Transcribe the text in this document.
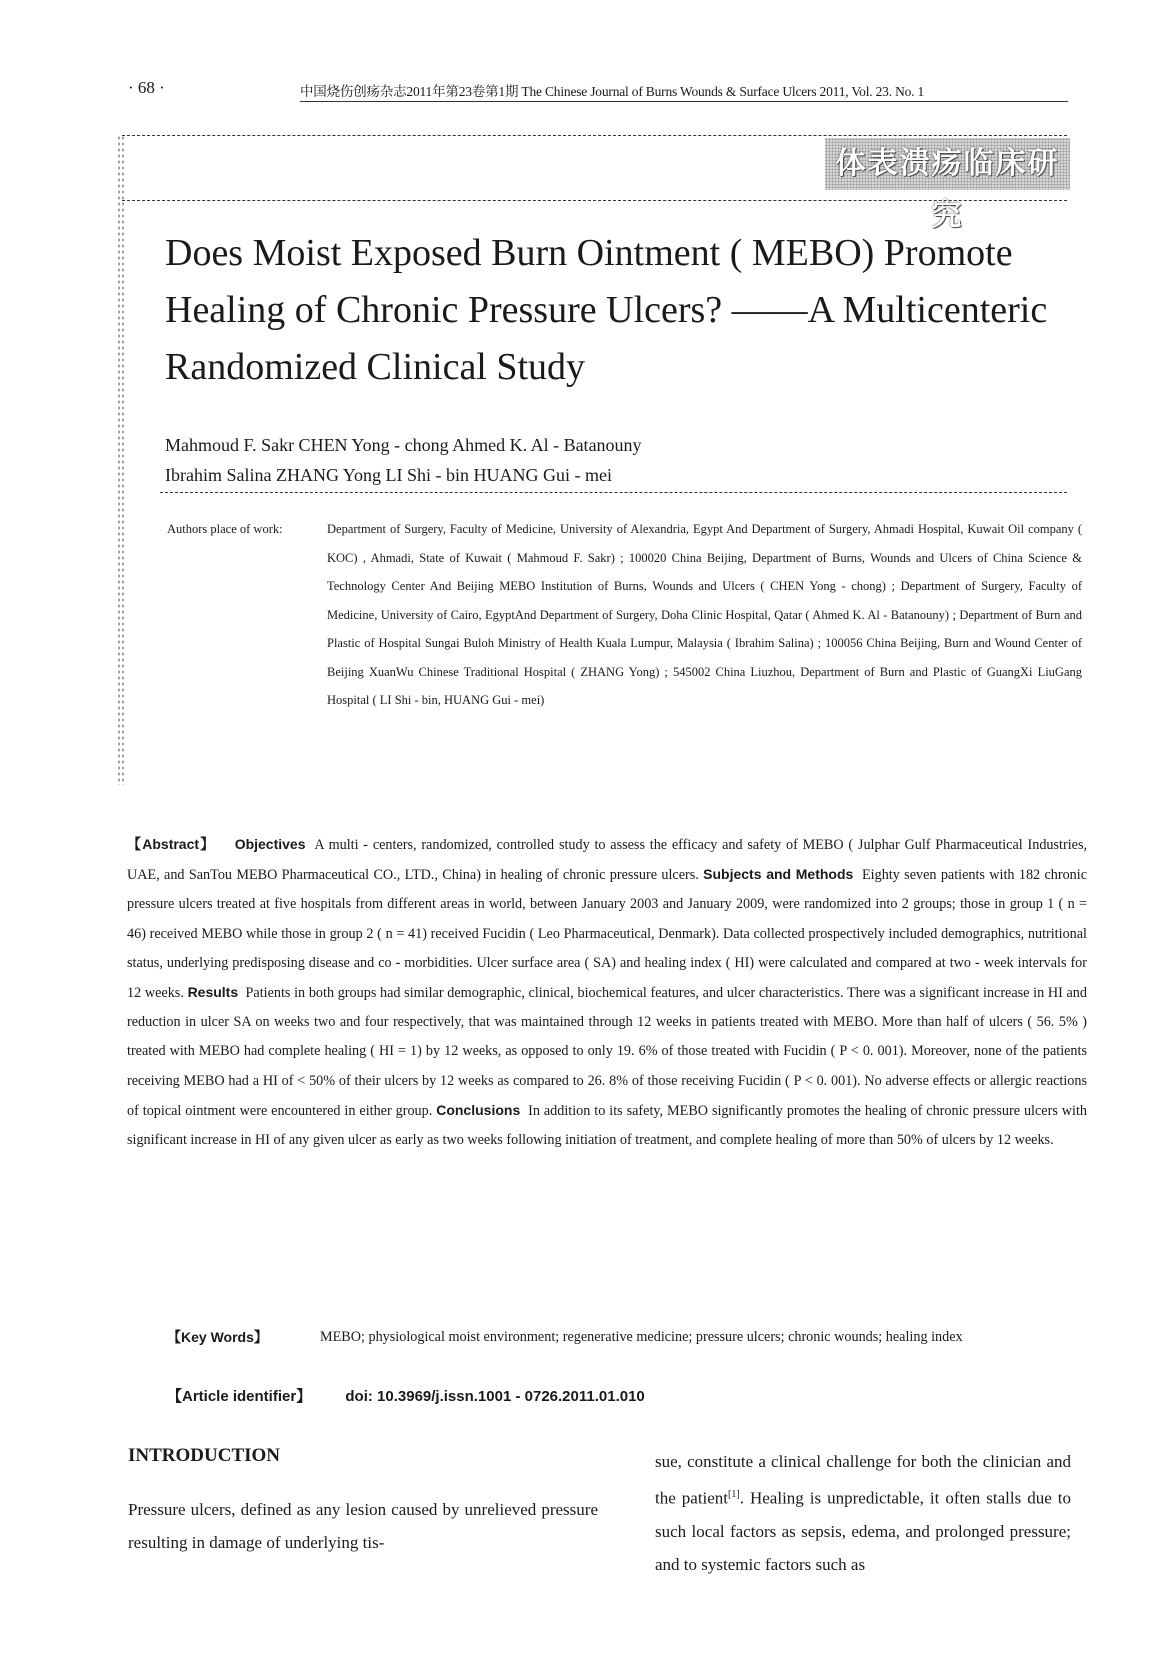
· 68 ·	中国烧伤创疡杂志2011年第23卷第1期 The Chinese Journal of Burns Wounds & Surface Ulcers 2011, Vol. 23. No. 1
体表溃疡临床研究
Does Moist Exposed Burn Ointment ( MEBO) Promote Healing of Chronic Pressure Ulcers? ——A Multicenteric Randomized Clinical Study
Mahmoud F. Sakr CHEN Yong - chong Ahmed K. Al - Batanouny
Ibrahim Salina ZHANG Yong LI Shi - bin HUANG Gui - mei
Authors place of work:	Department of Surgery, Faculty of Medicine, University of Alexandria, Egypt And Department of Surgery, Ahmadi Hospital, Kuwait Oil company ( KOC) , Ahmadi, State of Kuwait ( Mahmoud F. Sakr) ; 100020 China Beijing, Department of Burns, Wounds and Ulcers of China Science & Technology Center And Beijing MEBO Institution of Burns, Wounds and Ulcers ( CHEN Yong - chong) ; Department of Surgery, Faculty of Medicine, University of Cairo, EgyptAnd Department of Surgery, Doha Clinic Hospital, Qatar ( Ahmed K. Al - Batanouny) ; Department of Burn and Plastic of Hospital Sungai Buloh Ministry of Health Kuala Lumpur, Malaysia ( Ibrahim Salina) ; 100056 China Beijing, Burn and Wound Center of Beijing XuanWu Chinese Traditional Hospital ( ZHANG Yong) ; 545002 China Liuzhou, Department of Burn and Plastic of GuangXi LiuGang Hospital ( LI Shi - bin, HUANG Gui - mei)

【Abstract】 Objectives A multi - centers, randomized, controlled study to assess the efficacy and safety of MEBO ( Julphar Gulf Pharmaceutical Industries, UAE, and SanTou MEBO Pharmaceutical CO., LTD., China) in healing of chronic pressure ulcers. Subjects and Methods Eighty seven patients with 182 chronic pressure ulcers treated at five hospitals from different areas in world, between January 2003 and January 2009, were randomized into 2 groups; those in group 1 ( n = 46) received MEBO while those in group 2 ( n = 41) received Fucidin ( Leo Pharmaceutical, Denmark). Data collected prospectively included demographics, nutritional status, underlying predisposing disease and co - morbidities. Ulcer surface area ( SA) and healing index ( HI) were calculated and compared at two - week intervals for 12 weeks. Results Patients in both groups had similar demographic, clinical, biochemical features, and ulcer characteristics. There was a significant increase in HI and reduction in ulcer SA on weeks two and four respectively, that was maintained through 12 weeks in patients treated with MEBO. More than half of ulcers ( 56. 5% ) treated with MEBO had complete healing ( HI = 1) by 12 weeks, as opposed to only 19. 6% of those treated with Fucidin ( P < 0. 001). Moreover, none of the patients receiving MEBO had a HI of < 50% of their ulcers by 12 weeks as compared to 26. 8% of those receiving Fucidin ( P < 0. 001). No adverse effects or allergic reactions of topical ointment were encountered in either group. Conclusions In addition to its safety, MEBO significantly promotes the healing of chronic pressure ulcers with significant increase in HI of any given ulcer as early as two weeks following initiation of treatment, and complete healing of more than 50% of ulcers by 12 weeks.

【Key Words】	MEBO; physiological moist environment; regenerative medicine; pressure ulcers; chronic wounds; healing index
【Article identifier】 doi: 10.3969/j.issn.1001 - 0726.2011.01.010
INTRODUCTION

Pressure ulcers, defined as any lesion caused by unrelieved pressure resulting in damage of underlying tis-

sue, constitute a clinical challenge for both the clinician and the patient[1]. Healing is unpredictable, it often stalls due to such local factors as sepsis, edema, and prolonged pressure; and to systemic factors such as
